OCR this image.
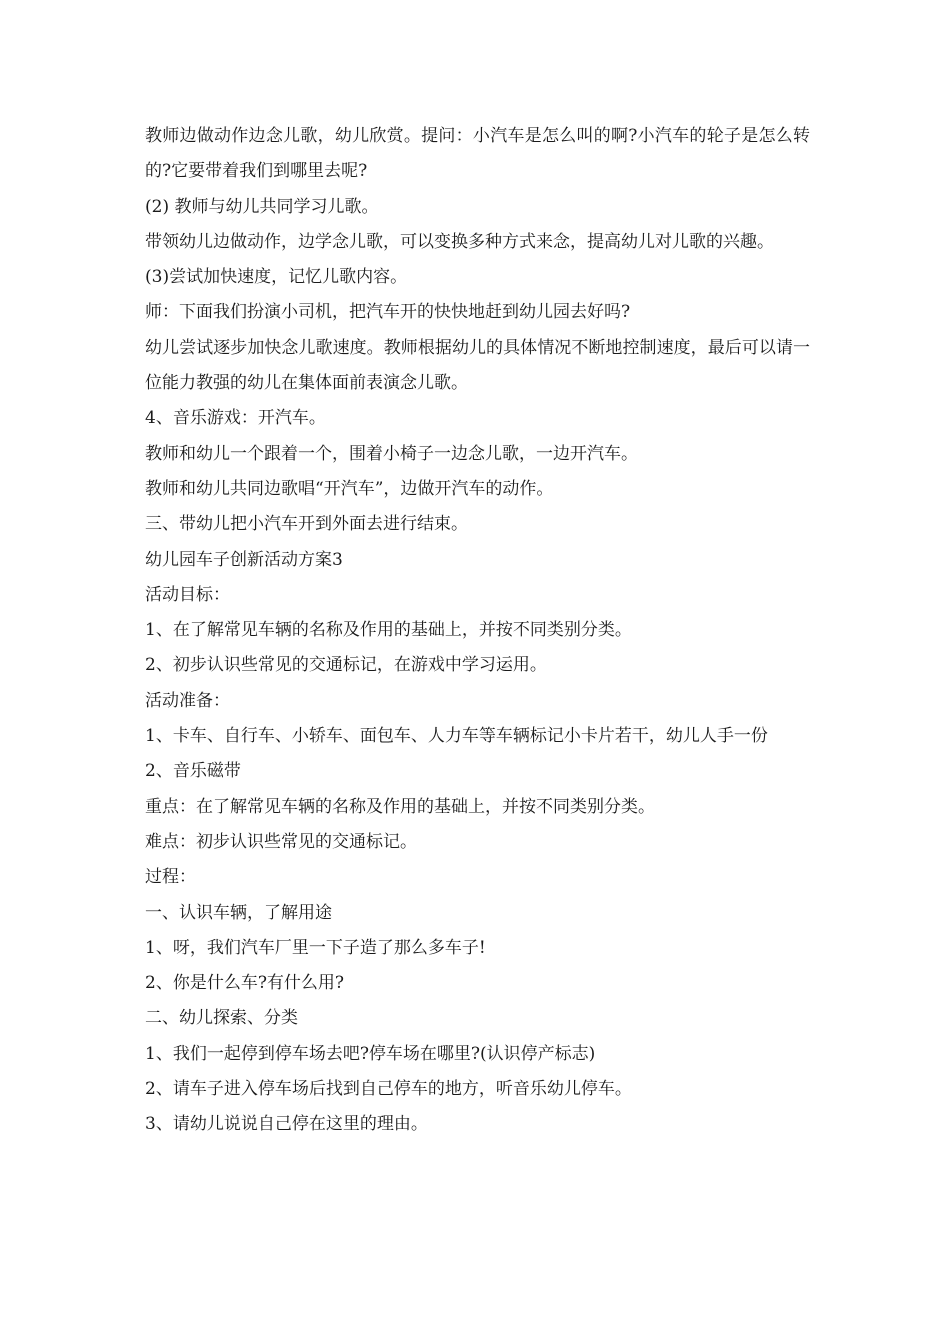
教师边做动作边念儿歌，幼儿欣赏。提问：小汽车是怎么叫的啊?小汽车的轮子是怎么转的?它要带着我们到哪里去呢?

(2) 教师与幼儿共同学习儿歌。

带领幼儿边做动作，边学念儿歌，可以变换多种方式来念，提高幼儿对儿歌的兴趣。

(3)尝试加快速度，记忆儿歌内容。

师：下面我们扮演小司机，把汽车开的快快地赶到幼儿园去好吗?

幼儿尝试逐步加快念儿歌速度。教师根据幼儿的具体情况不断地控制速度，最后可以请一位能力教强的幼儿在集体面前表演念儿歌。

4、音乐游戏：开汽车。

教师和幼儿一个跟着一个，围着小椅子一边念儿歌，一边开汽车。

教师和幼儿共同边歌唱“开汽车”，边做开汽车的动作。

三、带幼儿把小汽车开到外面去进行结束。

幼儿园车子创新活动方案3

活动目标：

1、在了解常见车辆的名称及作用的基础上，并按不同类别分类。

2、初步认识些常见的交通标记，在游戏中学习运用。

活动准备：

1、卡车、自行车、小轿车、面包车、人力车等车辆标记小卡片若干，幼儿人手一份

2、音乐磁带

重点：在了解常见车辆的名称及作用的基础上，并按不同类别分类。

难点：初步认识些常见的交通标记。

过程：

一、认识车辆，了解用途

1、呀，我们汽车厂里一下子造了那么多车子!

2、你是什么车?有什么用?

二、幼儿探索、分类

1、我们一起停到停车场去吧?停车场在哪里?(认识停产标志)

2、请车子进入停车场后找到自己停车的地方，听音乐幼儿停车。

3、请幼儿说说自己停在这里的理由。
